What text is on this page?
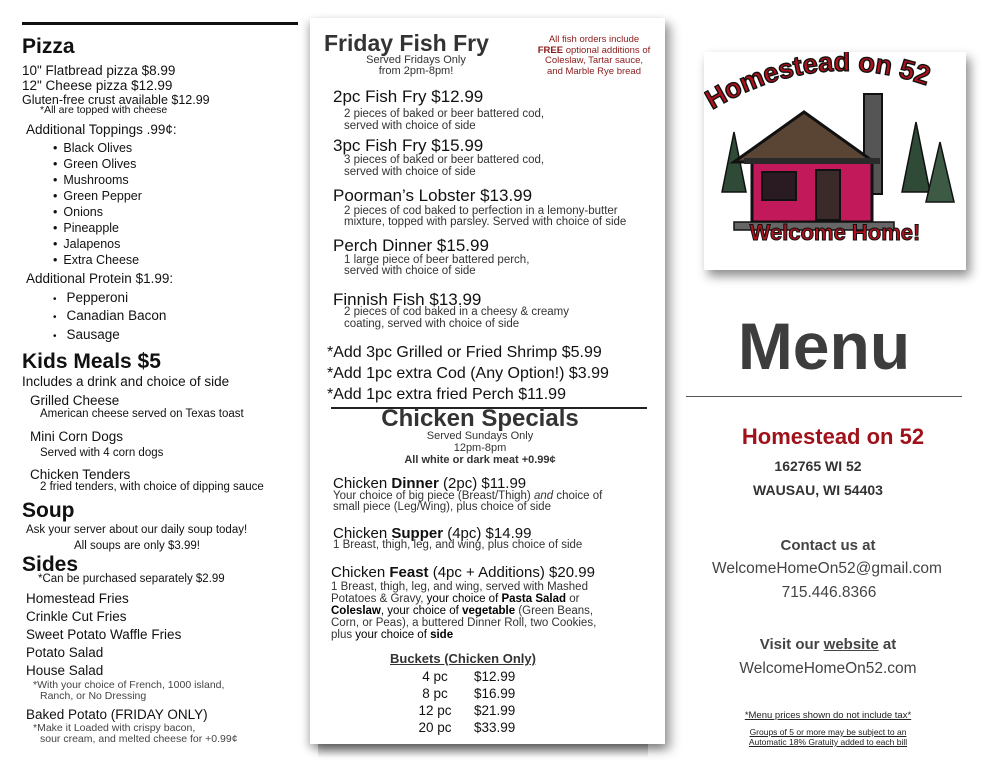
Pizza
10" Flatbread pizza $8.99
12" Cheese pizza $12.99
Gluten-free crust available $12.99
*All are topped with cheese
Additional Toppings .99¢:
• Black Olives
• Green Olives
• Mushrooms
• Green Pepper
• Onions
• Pineapple
• Jalapenos
• Extra Cheese
Additional Protein $1.99:
• Pepperoni
• Canadian Bacon
• Sausage
Kids Meals $5
Includes a drink and choice of side
Grilled Cheese
American cheese served on Texas toast
Mini Corn Dogs
Served with 4 corn dogs
Chicken Tenders
2 fried tenders, with choice of dipping sauce
Soup
Ask your server about our daily soup today!
All soups are only $3.99!
Sides
*Can be purchased separately $2.99
Homestead Fries
Crinkle Cut Fries
Sweet Potato Waffle Fries
Potato Salad
House Salad
*With your choice of French, 1000 island,
Ranch, or No Dressing
Baked Potato (FRIDAY ONLY)
*Make it Loaded with crispy bacon,
sour cream, and melted cheese for +0.99¢
Friday Fish Fry
Served Fridays Only
from 2pm-8pm!
All fish orders include
FREE optional additions of
Coleslaw, Tartar sauce,
and Marble Rye bread
2pc Fish Fry $12.99
2 pieces of baked or beer battered cod,
served with choice of side
3pc Fish Fry $15.99
3 pieces of baked or beer battered cod,
served with choice of side
Poorman’s Lobster $13.99
2 pieces of cod baked to perfection in a lemony-butter
mixture, topped with parsley. Served with choice of side
Perch Dinner $15.99
1 large piece of beer battered perch,
served with choice of side
Finnish Fish $13.99
2 pieces of cod baked in a cheesy & creamy
coating, served with choice of side
*Add 3pc Grilled or Fried Shrimp $5.99
*Add 1pc extra Cod (Any Option!) $3.99
*Add 1pc extra fried Perch $11.99
Chicken Specials
Served Sundays Only
12pm-8pm
All white or dark meat +0.99¢
Chicken Dinner (2pc) $11.99
Your choice of big piece (Breast/Thigh) and choice of
small piece (Leg/Wing), plus choice of side
Chicken Supper (4pc) $14.99
1 Breast, thigh, leg, and wing, plus choice of side
Chicken Feast (4pc + Additions) $20.99
1 Breast, thigh, leg, and wing, served with Mashed
Potatoes & Gravy, your choice of Pasta Salad or
Coleslaw, your choice of vegetable (Green Beans,
Corn, or Peas), a buttered Dinner Roll, two Cookies,
plus your choice of side
Buckets (Chicken Only)
4 pc	$12.99
8 pc	$16.99
12 pc	$21.99
20 pc	$33.99
omestead on 52
Welcome Home!
Menu
Homestead on 52
162765 WI 52
WAUSAU, WI 54403
Contact us at
WelcomeHomeOn52@gmail.com
715.446.8366
Visit our website at
WelcomeHomeOn52.com
*Menu prices shown do not include tax*
Groups of 5 or more may be subject to an
Automatic 18% Gratuity added to each bill
